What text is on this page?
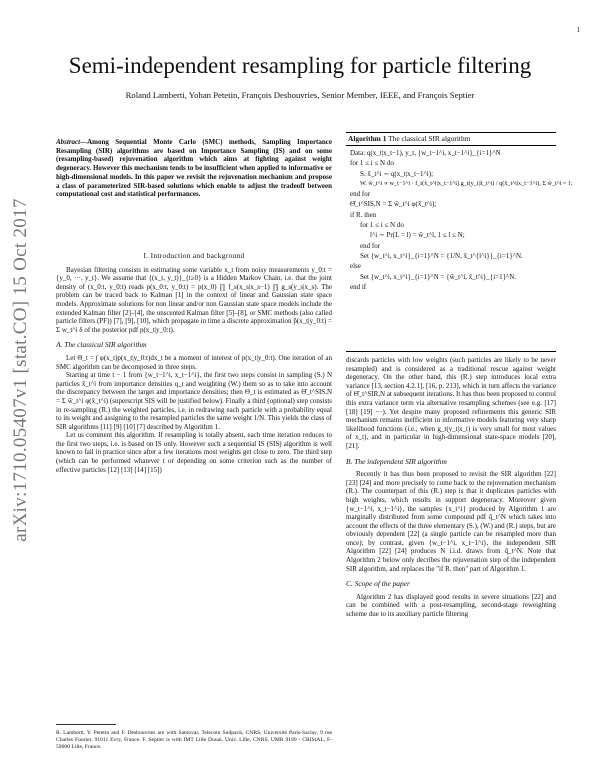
1
arXiv:1710.05407v1 [stat.CO] 15 Oct 2017
Semi-independent resampling for particle filtering
Roland Lamberti, Yohan Petetin, François Desbouvries, Senior Member, IEEE, and François Septier
Abstract—Among Sequential Monte Carlo (SMC) methods, Sampling Importance Resampling (SIR) algorithms are based on Importance Sampling (IS) and on some (resampling-based) rejuvenation algorithm which aims at fighting against weight degeneracy. However this mechanism tends to be insufficient when applied to informative or high-dimensional models. In this paper we revisit the rejuvenation mechanism and propose a class of parameterized SIR-based solutions which enable to adjust the tradeoff between computational cost and statistical performances.
I. Introduction and background

Bayesian filtering consists in estimating some variable x_t from noisy measurements y_0:t = {y_0, ···, y_t}. We assume that {(x_t, y_t)}_{t≥0} is a Hidden Markov Chain, i.e. that the joint density of (x_0:t, y_0:t) reads p(x_0:t, y_0:t) = p(x_0) ∏ f_s(x_s|x_s−1) ∏ g_s(y_s|x_s). The problem can be traced back to Kalman [1] in the context of linear and Gaussian state space models. Approximate solutions for non linear and/or non Gaussian state space models include the extended Kalman filter [2]–[4], the unscented Kalman filter [5]–[8], or SMC methods (also called particle filters (PF)) [7], [9], [10], which propagate in time a discrete approximation p̂(x_t|y_0:t) = Σ w_t^i δ of the posterior pdf p(x_t|y_0:t).

A. The classical SIR algorithm

Let Θ_t = ∫ φ(x_t)p(x_t|y_0:t)dx_t be a moment of interest of p(x_t|y_0:t). One iteration of an SMC algorithm can be decomposed in three steps.

Starting at time t − 1 from {w_t−1^i, x_t−1^i}, the first two steps consist in sampling (S.) N particles x̃_t^i from importance densities q_t and weighting (W.) them so as to take into account the discrepancy between the target and importance densities; then Θ_t is estimated as Θ̂_t^SIS,N = Σ w̃_t^i φ(x̃_t^i) (superscript SIS will be justified below). Finally a third (optional) step consists in re-sampling (R.) the weighted particles, i.e. in redrawing each particle with a probability equal to its weight and assigning to the resampled particles the same weight 1/N. This yields the class of SIR algorithms [11] [9] [10] [7] described by Algorithm 1.

Let us comment this algorithm. If resampling is totally absent, each time iteration reduces to the first two steps, i.e. is based on IS only. However such a sequential IS (SIS) algorithm is well known to fail in practice since after a few iterations most weights get close to zero. The third step (which can be performed whatever t or depending on some criterion such as the number of effective particles [12] [13] [14] [15])

R. Lamberti, Y. Petetin and F. Desbouvries are with Samovar, Telecom Sudparis, CNRS, Université Paris-Saclay, 9 rue Charles Fourier, 91011 Evry, France. F. Septier is with IMT Lille Douai, Univ. Lille, CNRS, UMR 9189 - CRIStAL, F-59000 Lille, France.
Algorithm 1 The classical SIR algorithm
Data: q(x_t|x_t−1), y_t, {w_t−1^i, x_t−1^i}_{i=1}^N
for 1 ≤ i ≤ N do
S. x̃_t^i ∼ q(x_t|x_t−1^i);
W. w̃_t^i ∝ w_t−1^i · f_t(x̃_t^i|x_t−1^i) g_t(y_t|x̃_t^i) / q(x̃_t^i|x_t−1^i), Σ w̃_t^i = 1;
end for
Θ̂_t^SIS,N = Σ w̃_t^i φ(x̃_t^i);
if R. then
for 1 ≤ i ≤ N do
l^i ∼ Pr(L = l) = w̃_t^l, 1 ≤ l ≤ N;
end for
Set {w_t^i, x_t^i}_{i=1}^N = {1/N, x̃_t^{l^i}}_{i=1}^N.
else
Set {w_t^i, x_t^i}_{i=1}^N = {w̃_t^i, x̃_t^i}_{i=1}^N.
end if

discards particles with low weights (such particles are likely to be never resampled) and is considered as a traditional rescue against weight degeneracy. On the other hand, this (R.) step introduces local extra variance [13, section 4.2.1], [16, p. 213], which in turn affects the variance of Θ̂_t^SIR,N at subsequent iterations. It has thus been proposed to control this extra variance term via alternative resampling schemes (see e.g. [17] [18] [19] ···). Yet despite many proposed refinements this generic SIR mechanism remains inefficient in informative models featuring very sharp likelihood functions (i.e., when g_t(y_t|x_t) is very small for most values of x_t), and in particular in high-dimensional state-space models [20], [21].

B. The independent SIR algorithm

Recently it has thus been proposed to revisit the SIR algorithm [22] [23] [24] and more precisely to come back to the rejuvenation mechanism (R.). The counterpart of this (R.) step is that it duplicates particles with high weights, which results in support degeneracy. Moreover given {w_t−1^i, x_t−1^i}, the samples {x_t^i} produced by Algorithm 1 are marginally distributed from some compound pdf q̂_t^N which takes into account the effects of the three elementary (S.), (W.) and (R.) steps, but are obviously dependent [22] (a single particle can be resampled more than once); by contrast, given {w_t−1^i, x_t−1^i}, the independent SIR Algorithm [22] [24] produces N i.i.d. draws from q̂_t^N. Note that Algorithm 2 below only decribes the rejuvenation step of the independent SIR algorithm, and replaces the "if R. then" part of Algorithm 1.

C. Scope of the paper

Algorithm 2 has displayed good results in severe situations [22] and can be combined with a post-resampling, second-stage reweighting scheme due to its auxiliary particle filtering
